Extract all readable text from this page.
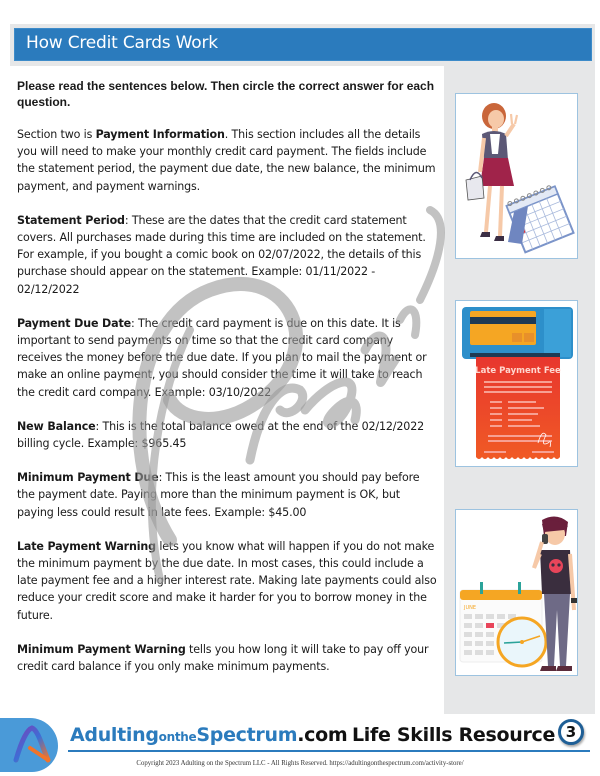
How Credit Cards Work
Late Payment Fee
JUNE

Please read the sentences below. Then circle the correct answer for each question.

Section two is Payment Information. This section includes all the details you will need to make your monthly credit card payment. The fields include the statement period, the payment due date, the new balance, the minimum payment, and payment warnings.

Statement Period: These are the dates that the credit card statement covers. All purchases made during this time are included on the statement. For example, if you bought a comic book on 02/07/2022, the details of this purchase should appear on the statement. Example: 01/11/2022 - 02/12/2022

Payment Due Date: The credit card payment is due on this date. It is important to send payments on time so that the credit card company receives the money before the due date. If you plan to mail the payment or make an online payment, you should consider the time it will take to reach the credit card company. Example: 03/10/2022

New Balance: This is the total balance owed at the end of the 02/12/2022 billing cycle. Example: $965.45

Minimum Payment Due: This is the least amount you should pay before the payment date. Paying more than the minimum payment is OK, but paying less could result in late fees. Example: $45.00

Late Payment Warning lets you know what will happen if you do not make the minimum payment by the due date. In most cases, this could include a late payment fee and a higher interest rate. Making late payments could also reduce your credit score and make it harder for you to borrow money in the future.

Minimum Payment Warning tells you how long it will take to pay off your credit card balance if you only make minimum payments.

AdultingontheSpectrum.com Life Skills Resource 3
Copyright 2023 Adulting on the Spectrum LLC - All Rights Reserved. https://adultingonthespectrum.com/activity-store/
